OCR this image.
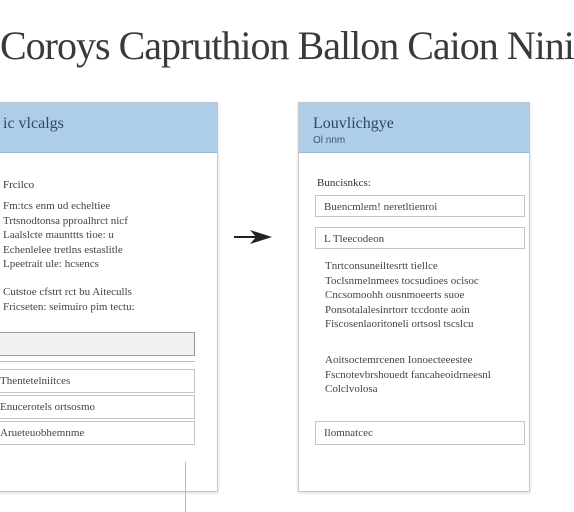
Coroys Capruthion Ballon Caion Nini
ic vlcalgs
Frcilco
Fm:tcs enm ud echeltiee
Trtsnodtonsa pproalhrct nicf
Laalslcte maunttts tioe: u
Echenlelee tretlns estaslitle
Lpeetrait ule: hcsencs
Cutstoe cfstrt rct bu Aiteculls
Fricseten: seimuiro pim tectu:
Thentetelniitces
Enucerotels ortsosmo
Arueteuobhemnme
Louvlichgye
Ol nnm
Buncisnkcs:
Buencmlem! neretltienroi
L Tleecodeon
Tnrtconsuneiltesrtt tiellce
Toclsnmelnmees tocsudioes ocisoc
Cncsomoohh ousnmoeerts suoe
Ponsotalalesinrtorr tccdonte aoin
Fiscosenlaoritoneli ortsosl tscslcu
Aoitsoctemrcenen Ionoecteeestee
Fscnotevbrshouedt fancaheoidrneesnl
Colclvolosa
Ilomnatcec
